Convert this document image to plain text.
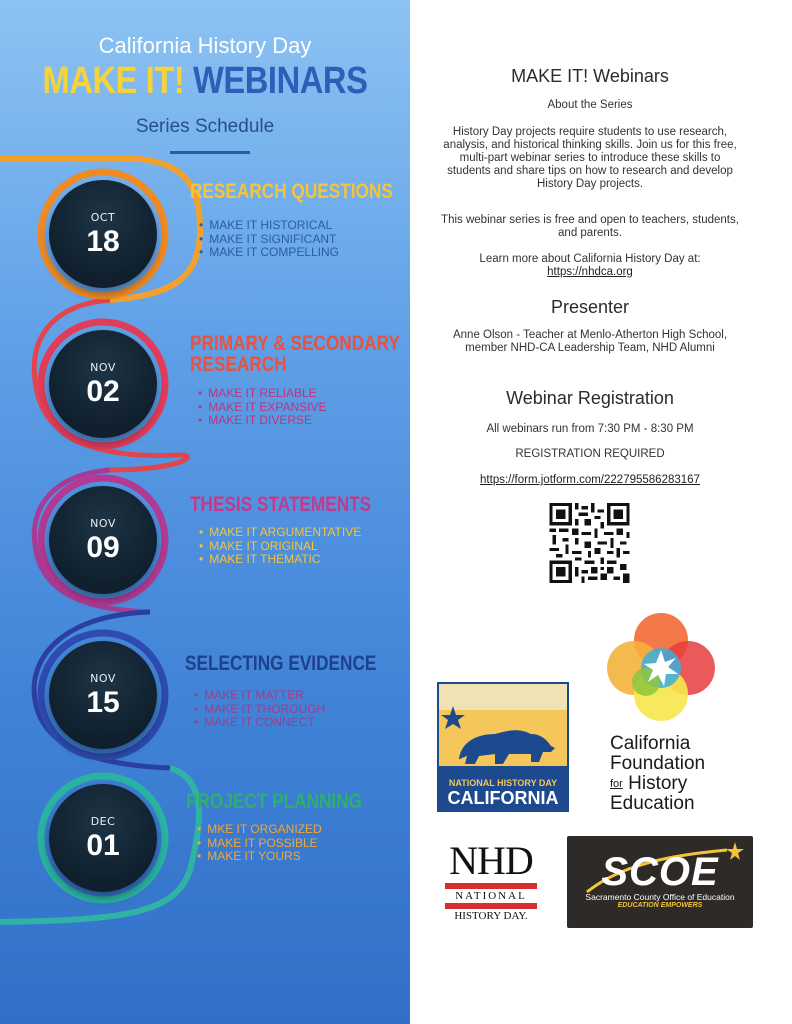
California History Day
MAKE IT! WEBINARS
Series Schedule
OCT
18
RESEARCH QUESTIONS
• MAKE IT HISTORICAL
• MAKE IT SIGNIFICANT
• MAKE IT COMPELLING
NOV
02
PRIMARY & SECONDARY
RESEARCH
• MAKE IT RELIABLE
• MAKE IT EXPANSIVE
• MAKE IT DIVERSE
NOV
09
THESIS STATEMENTS
• MAKE IT ARGUMENTATIVE
• MAKE IT ORIGINAL
• MAKE IT THEMATIC
NOV
15
SELECTING EVIDENCE
• MAKE IT MATTER
• MAKE IT THOROUGH
• MAKE IT CONNECT
DEC
01
PROJECT PLANNING
• MKE IT ORGANIZED
• MAKE IT POSSIBLE
• MAKE IT YOURS
MAKE IT! Webinars
About the Series
History Day projects require students to use research, analysis, and historical thinking skills. Join us for this free, multi-part webinar series to introduce these skills to students and share tips on how to research and develop History Day projects.
This webinar series is free and open to teachers, students, and parents.
Learn more about California History Day at:
https://nhdca.org
Presenter
Anne Olson - Teacher at Menlo-Atherton High School, member NHD-CA Leadership Team, NHD Alumni
Webinar Registration
All webinars run from 7:30 PM - 8:30 PM
REGISTRATION REQUIRED
https://form.jotform.com/222795586283167
NATIONAL HISTORY DAY
CALIFORNIA
California
Foundation
$^{for}$ History
Education
NHD
NATIONAL
HISTORY DAY.
SCOE
Sacramento County Office of Education
EDUCATION EMPOWERS
